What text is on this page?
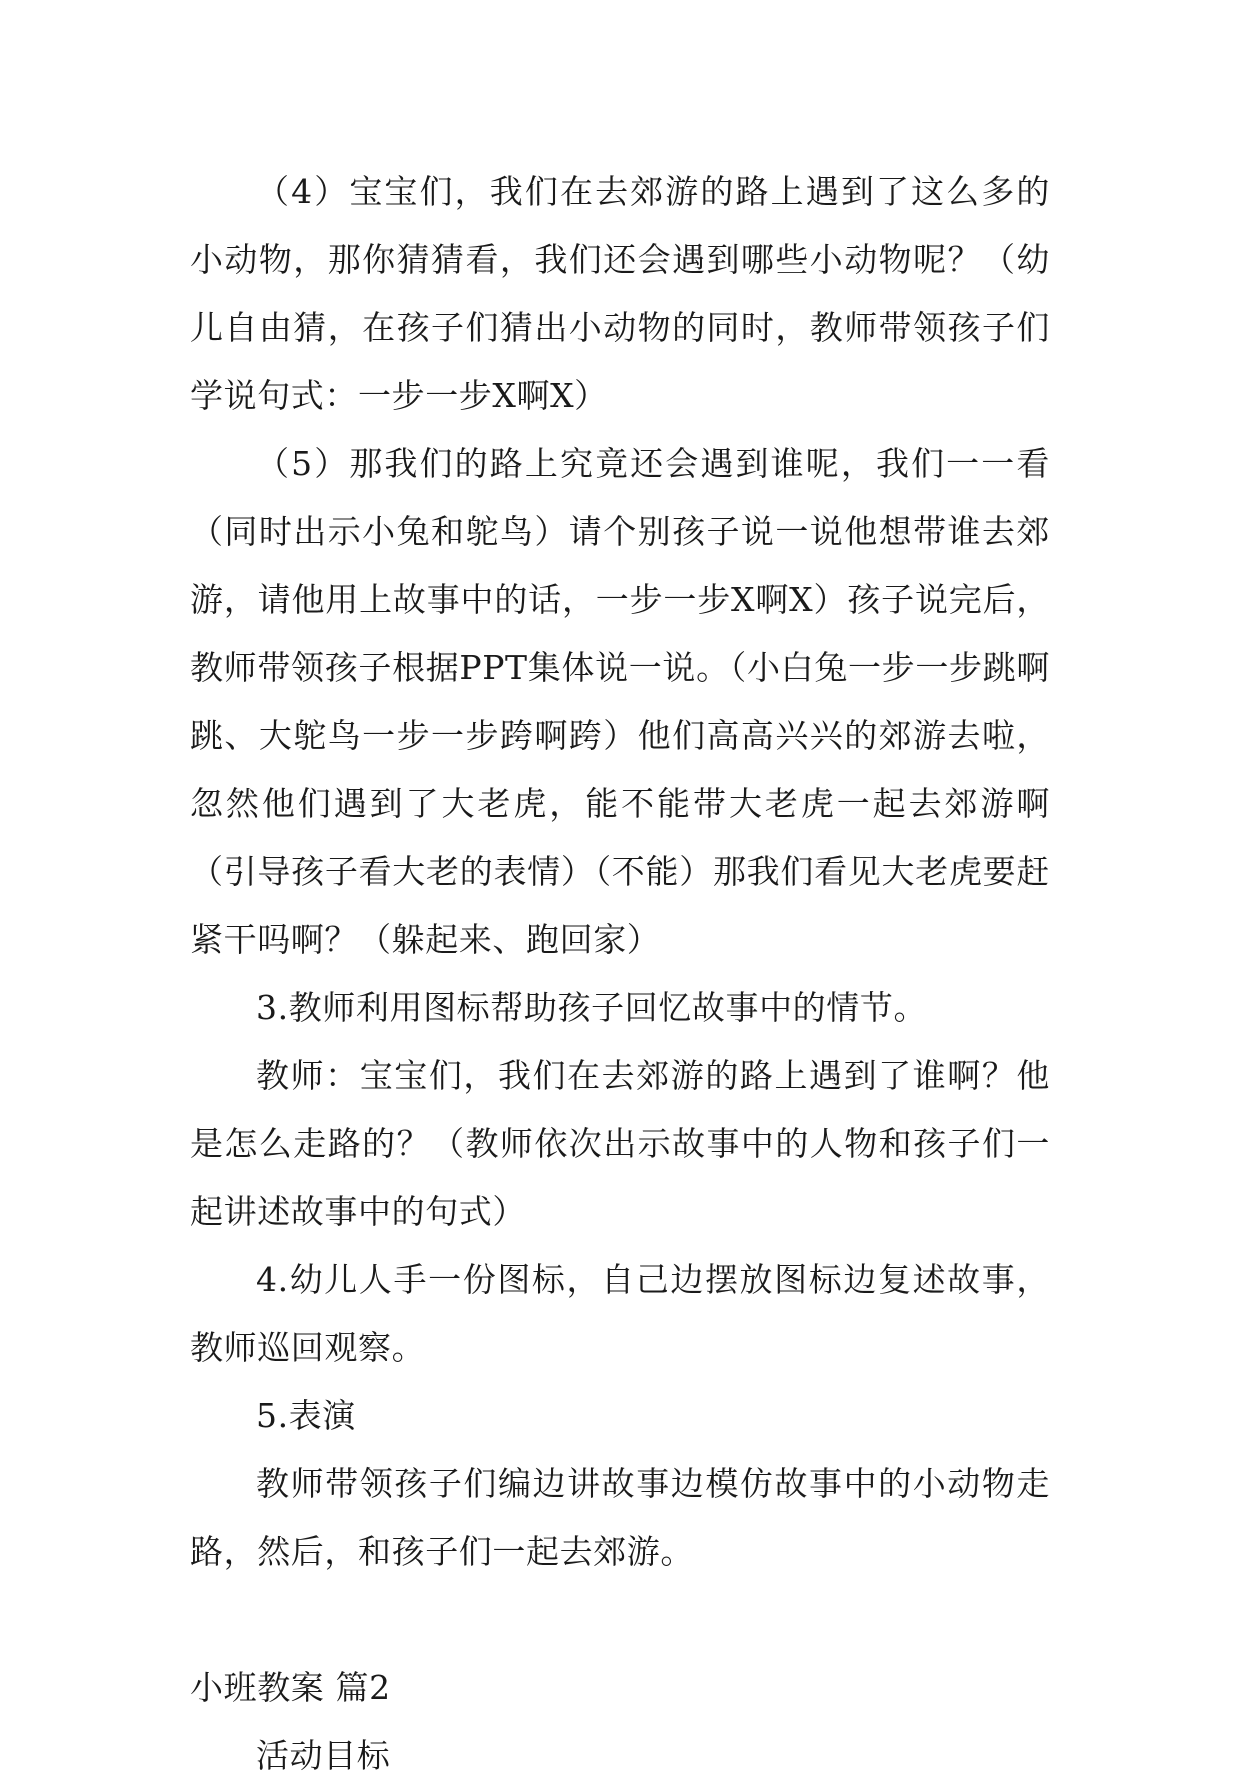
（4）宝宝们，我们在去郊游的路上遇到了这么多的小动物，那你猜猜看，我们还会遇到哪些小动物呢？（幼儿自由猜，在孩子们猜出小动物的同时，教师带领孩子们学说句式：一步一步X啊X）

（5）那我们的路上究竟还会遇到谁呢，我们一一看（同时出示小兔和鸵鸟）请个别孩子说一说他想带谁去郊游，请他用上故事中的话，一步一步X啊X）孩子说完后，教师带领孩子根据PPT集体说一说。（小白兔一步一步跳啊跳、大鸵鸟一步一步跨啊跨）他们高高兴兴的郊游去啦，忽然他们遇到了大老虎，能不能带大老虎一起去郊游啊（引导孩子看大老的表情）（不能）那我们看见大老虎要赶紧干吗啊？（躲起来、跑回家）

3.教师利用图标帮助孩子回忆故事中的情节。

教师：宝宝们，我们在去郊游的路上遇到了谁啊？他是怎么走路的？（教师依次出示故事中的人物和孩子们一起讲述故事中的句式）

4.幼儿人手一份图标，自己边摆放图标边复述故事，教师巡回观察。

5.表演

教师带领孩子们编边讲故事边模仿故事中的小动物走路，然后，和孩子们一起去郊游。

小班教案 篇2

活动目标
